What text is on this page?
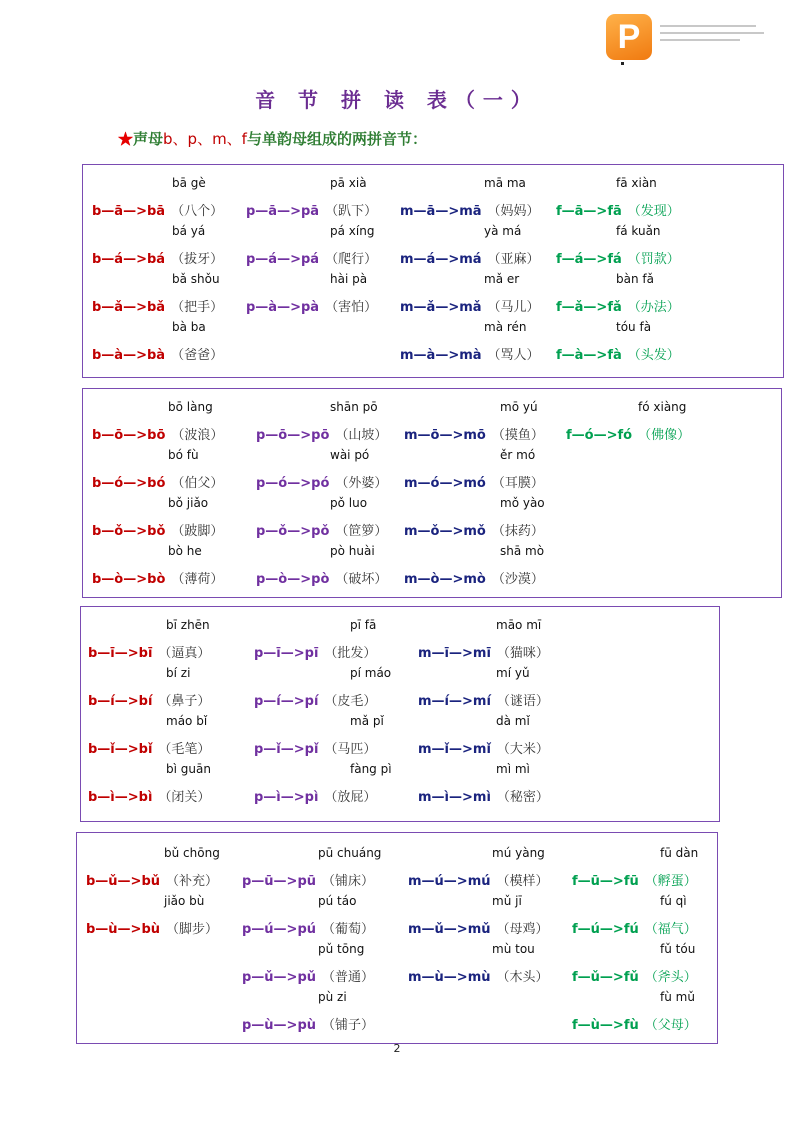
P
音 节 拼 读 表（一）
★声母b、p、m、f与单韵母组成的两拼音节：
2
bā gè
b—ā—>bā （八个）
bá yá
b—á—>bá （拔牙）
bǎ shǒu
b—ǎ—>bǎ （把手）
bà ba
b—à—>bà （爸爸）
pā xià
p—ā—>pā （趴下）
pá xíng
p—á—>pá （爬行）
hài pà
p—à—>pà （害怕）
mā ma
m—ā—>mā （妈妈）
yà má
m—á—>má （亚麻）
mǎ er
m—ǎ—>mǎ （马儿）
mà rén
m—à—>mà （骂人）
fā xiàn
f—ā—>fā （发现）
fá kuǎn
f—á—>fá （罚款）
bàn fǎ
f—ǎ—>fǎ （办法）
tóu fà
f—à—>fà （头发）
bō làng
b—ō—>bō （波浪）
bó fù
b—ó—>bó （伯父）
bǒ jiǎo
b—ǒ—>bǒ （跛脚）
bò he
b—ò—>bò （薄荷）
shān pō
p—ō—>pō （山坡）
wài pó
p—ó—>pó （外婆）
pǒ luo
p—ǒ—>pǒ （笸箩）
pò huài
p—ò—>pò （破坏）
mō yú
m—ō—>mō （摸鱼）
ěr mó
m—ó—>mó （耳膜）
mǒ yào
m—ǒ—>mǒ （抹药）
shā mò
m—ò—>mò （沙漠）
fó xiàng
f—ó—>fó （佛像）
bī zhēn
b—ī—>bī （逼真）
bí zi
b—í—>bí （鼻子）
máo bǐ
b—ǐ—>bǐ （毛笔）
bì guān
b—ì—>bì （闭关）
pī fā
p—ī—>pī （批发）
pí máo
p—í—>pí （皮毛）
mǎ pǐ
p—ǐ—>pǐ （马匹）
fàng pì
p—ì—>pì （放屁）
māo mī
m—ī—>mī （猫咪）
mí yǔ
m—í—>mí （谜语）
dà mǐ
m—ǐ—>mǐ （大米）
mì mì
m—ì—>mì （秘密）
bǔ chōng
b—ǔ—>bǔ （补充）
jiǎo bù
b—ù—>bù （脚步）
pū chuáng
p—ū—>pū （铺床）
pú táo
p—ú—>pú （葡萄）
pǔ tōng
p—ǔ—>pǔ （普通）
pù zi
p—ù—>pù （铺子）
mú yàng
m—ú—>mú （模样）
mǔ jī
m—ǔ—>mǔ （母鸡）
mù tou
m—ù—>mù （木头）
fū dàn
f—ū—>fū （孵蛋）
fú qì
f—ú—>fú （福气）
fǔ tóu
f—ǔ—>fǔ （斧头）
fù mǔ
f—ù—>fù （父母）
